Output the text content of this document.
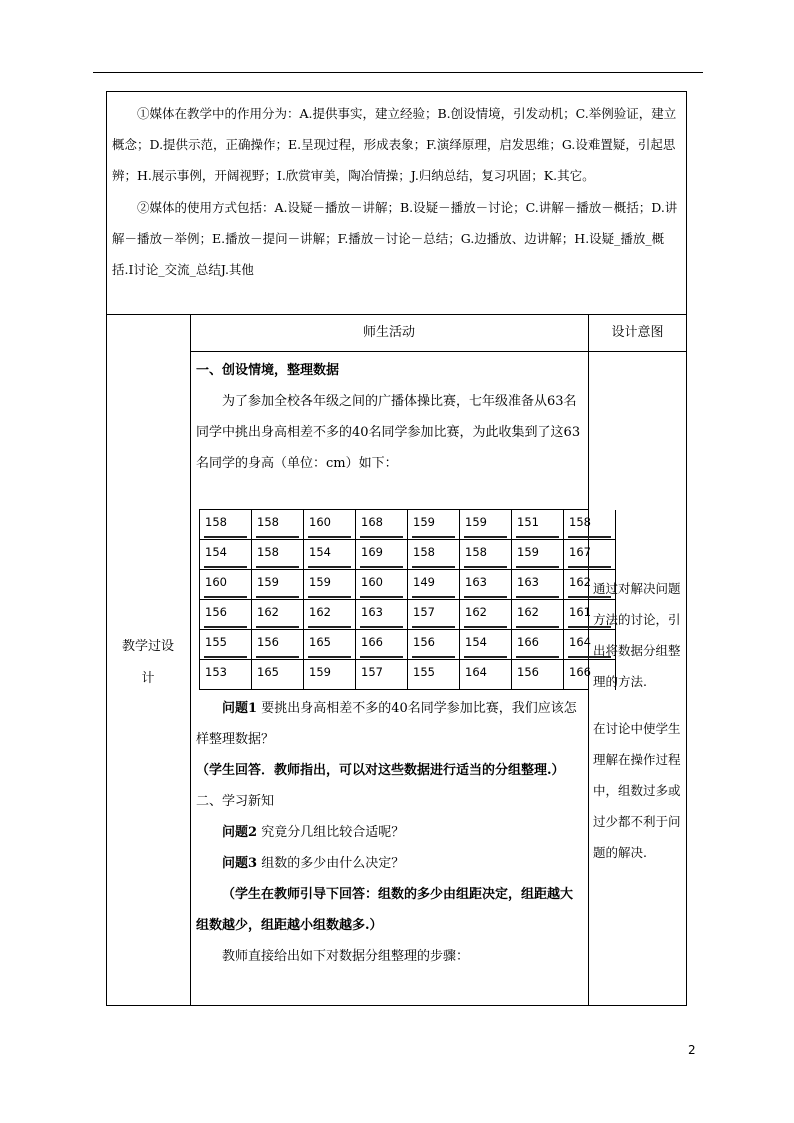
①媒体在教学中的作用分为：A.提供事实，建立经验；B.创设情境，引发动机；C.举例验证，建立概念；D.提供示范，正确操作；E.呈现过程，形成表象；F.演绎原理，启发思维；G.设难置疑，引起思辨；H.展示事例，开阔视野；I.欣赏审美，陶冶情操；J.归纳总结，复习巩固；K.其它。

②媒体的使用方式包括：A.设疑－播放－讲解；B.设疑－播放－讨论；C.讲解－播放－概括；D.讲解－播放－举例；E.播放－提问－讲解；F.播放－讨论－总结；G.边播放、边讲解；H.设疑_播放_概括.I讨论_交流_总结J.其他

师生活动	设计意图
教学过设
计

一、创设情境，整理数据

为了参加全校各年级之间的广播体操比赛，七年级准备从63名同学中挑出身高相差不多的40名同学参加比赛，为此收集到了这63名同学的身高（单位：cm）如下：

158	158	160	168	159	159	151	158
154	158	154	169	158	158	159	167
160	159	159	160	149	163	163	162
156	162	162	163	157	162	162	161
155	156	165	166	156	154	166	164
153	165	159	157	155	164	156	166

问题1 要挑出身高相差不多的40名同学参加比赛，我们应该怎样整理数据？

（学生回答．教师指出，可以对这些数据进行适当的分组整理.）

二、学习新知

问题2 究竟分几组比较合适呢？

问题3 组数的多少由什么决定？

（学生在教师引导下回答：组数的多少由组距决定，组距越大组数越少，组距越小组数越多.）

教师直接给出如下对数据分组整理的步骤：

通过对解决问题方法的讨论，引出将数据分组整理的方法.

在讨论中使学生理解在操作过程中，组数过多或过少都不利于问题的解决.

2
